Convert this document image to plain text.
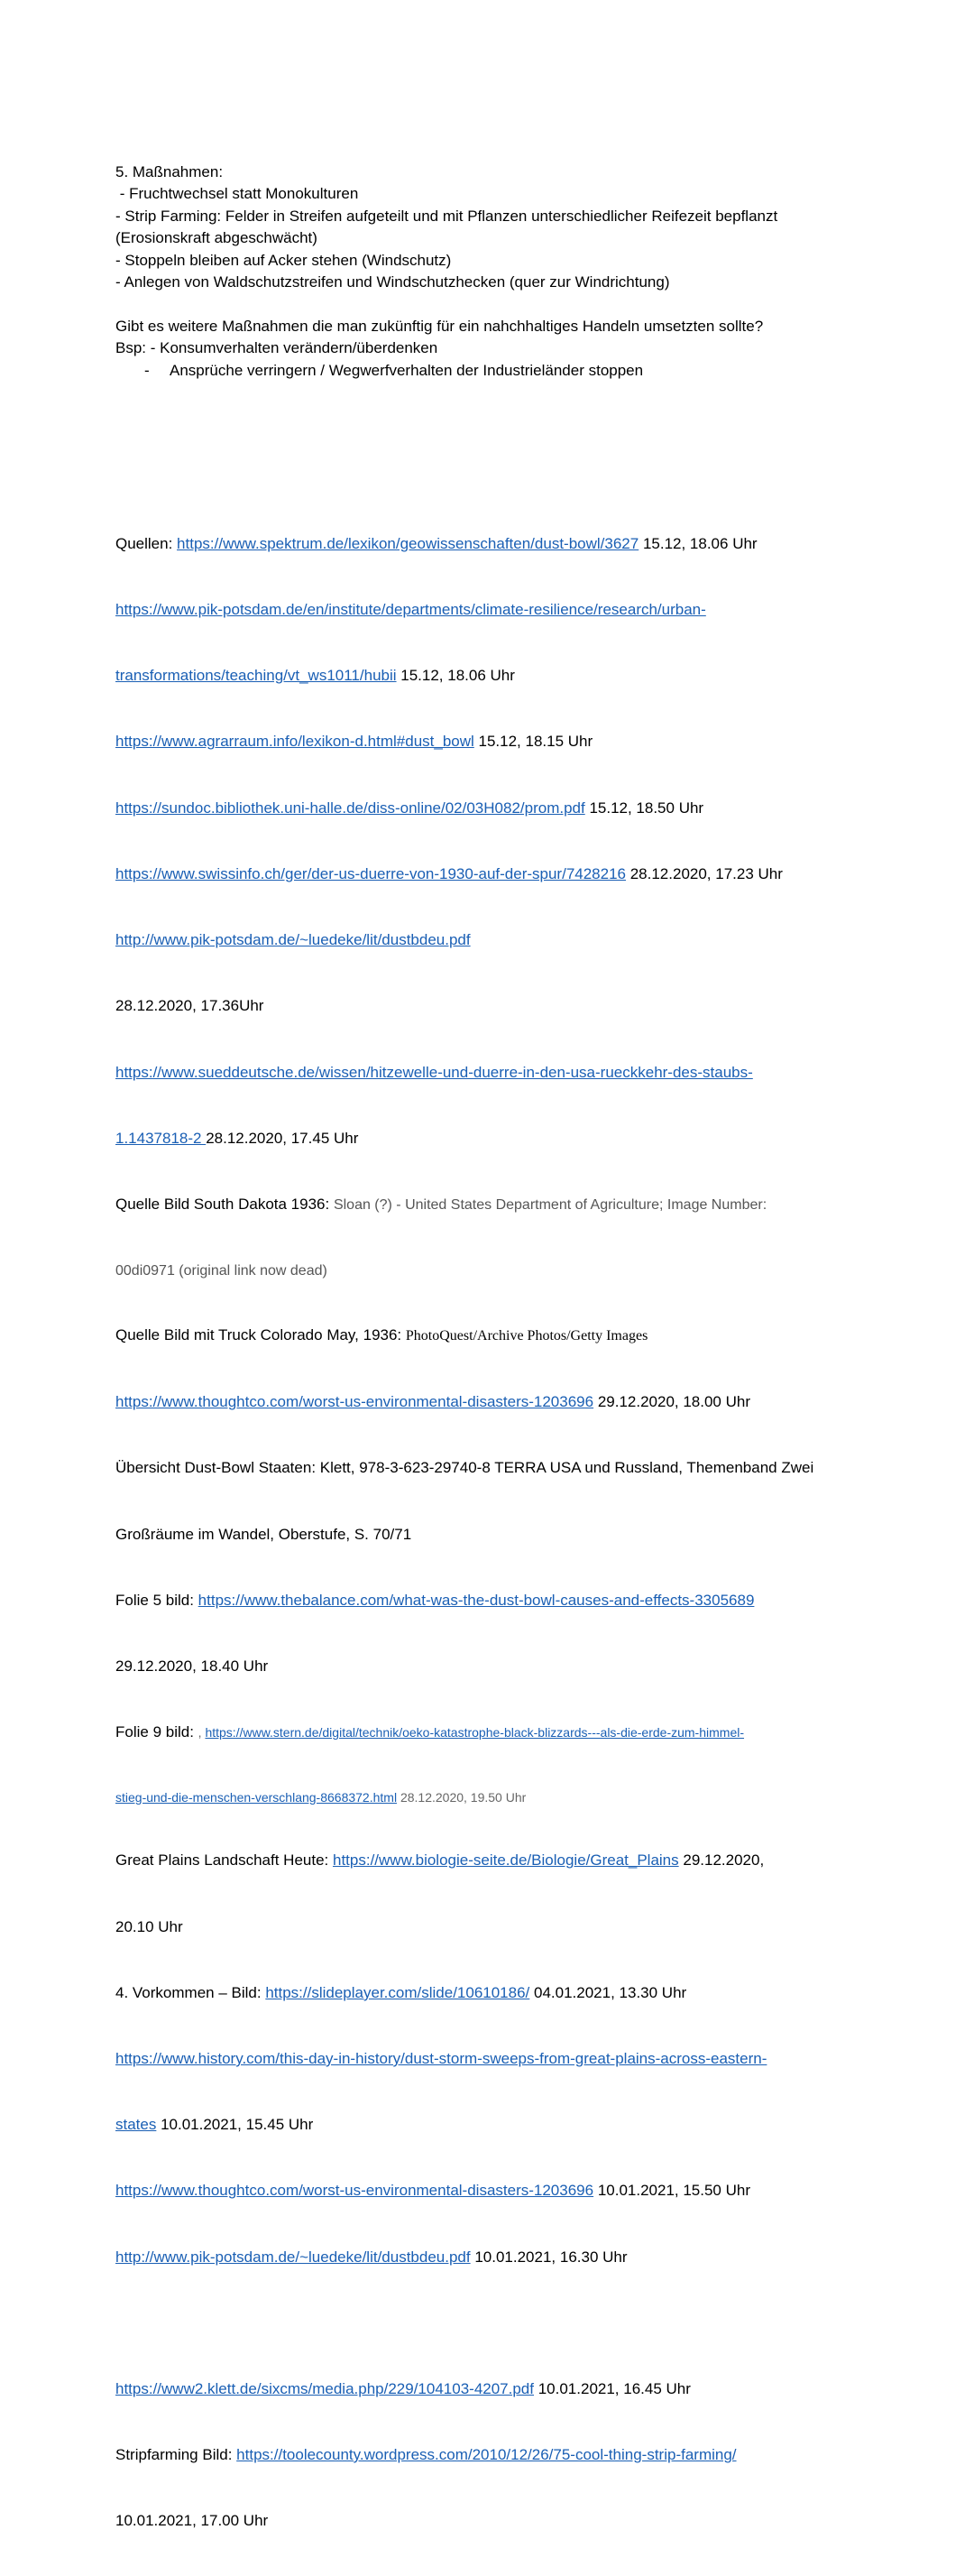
5. Maßnahmen:
- Fruchtwechsel statt Monokulturen
- Strip Farming: Felder in Streifen aufgeteilt und mit Pflanzen unterschiedlicher Reifezeit bepflanzt
(Erosionskraft abgeschwächt)
- Stoppeln bleiben auf Acker stehen (Windschutz)
- Anlegen von Waldschutzstreifen und Windschutzhecken (quer zur Windrichtung)
Gibt es weitere Maßnahmen die man zukünftig für ein nahchhaltiges Handeln umsetzten sollte?
Bsp: - Konsumverhalten verändern/überdenken
- Ansprüche verringern / Wegwerfverhalten der Industrieländer stoppen

Quellen: https://www.spektrum.de/lexikon/geowissenschaften/dust-bowl/3627 15.12, 18.06 Uhr

https://www.pik-potsdam.de/en/institute/departments/climate-resilience/research/urban-

transformations/teaching/vt_ws1011/hubii 15.12, 18.06 Uhr

https://www.agrarraum.info/lexikon-d.html#dust_bowl 15.12, 18.15 Uhr

https://sundoc.bibliothek.uni-halle.de/diss-online/02/03H082/prom.pdf 15.12, 18.50 Uhr

https://www.swissinfo.ch/ger/der-us-duerre-von-1930-auf-der-spur/7428216 28.12.2020, 17.23 Uhr

http://www.pik-potsdam.de/~luedeke/lit/dustbdeu.pdf

28.12.2020, 17.36Uhr

https://www.sueddeutsche.de/wissen/hitzewelle-und-duerre-in-den-usa-rueckkehr-des-staubs-

1.1437818-2 28.12.2020, 17.45 Uhr

Quelle Bild South Dakota 1936: Sloan (?) - United States Department of Agriculture; Image Number:

00di0971 (original link now dead)

Quelle Bild mit Truck Colorado May, 1936: PhotoQuest/Archive Photos/Getty Images

https://www.thoughtco.com/worst-us-environmental-disasters-1203696 29.12.2020, 18.00 Uhr

Übersicht Dust-Bowl Staaten: Klett, 978-3-623-29740-8 TERRA USA und Russland, Themenband Zwei

Großräume im Wandel, Oberstufe, S. 70/71

Folie 5 bild: https://www.thebalance.com/what-was-the-dust-bowl-causes-and-effects-3305689

29.12.2020, 18.40 Uhr

Folie 9 bild: , https://www.stern.de/digital/technik/oeko-katastrophe-black-blizzards---als-die-erde-zum-himmel-

stieg-und-die-menschen-verschlang-8668372.html 28.12.2020, 19.50 Uhr

Great Plains Landschaft Heute: https://www.biologie-seite.de/Biologie/Great_Plains 29.12.2020,

20.10 Uhr

4. Vorkommen – Bild: https://slideplayer.com/slide/10610186/ 04.01.2021, 13.30 Uhr

https://www.history.com/this-day-in-history/dust-storm-sweeps-from-great-plains-across-eastern-

states 10.01.2021, 15.45 Uhr

https://www.thoughtco.com/worst-us-environmental-disasters-1203696 10.01.2021, 15.50 Uhr

http://www.pik-potsdam.de/~luedeke/lit/dustbdeu.pdf 10.01.2021, 16.30 Uhr

https://www2.klett.de/sixcms/media.php/229/104103-4207.pdf 10.01.2021, 16.45 Uhr

Stripfarming Bild: https://toolecounty.wordpress.com/2010/12/26/75-cool-thing-strip-farming/

10.01.2021, 17.00 Uhr
